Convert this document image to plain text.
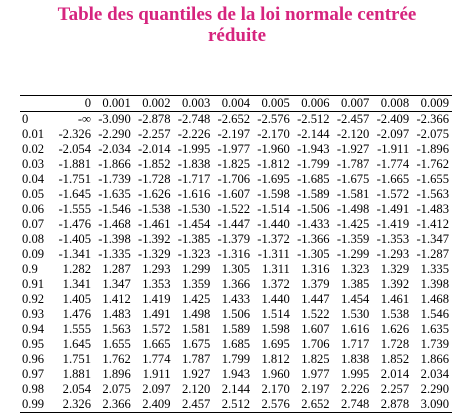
Table des quantiles de la loi normale centrée
réduite
	0	0.001	0.002	0.003	0.004	0.005	0.006	0.007	0.008	0.009
0	-∞	-3.090	-2.878	-2.748	-2.652	-2.576	-2.512	-2.457	-2.409	-2.366
0.01	-2.326	-2.290	-2.257	-2.226	-2.197	-2.170	-2.144	-2.120	-2.097	-2.075
0.02	-2.054	-2.034	-2.014	-1.995	-1.977	-1.960	-1.943	-1.927	-1.911	-1.896
0.03	-1.881	-1.866	-1.852	-1.838	-1.825	-1.812	-1.799	-1.787	-1.774	-1.762
0.04	-1.751	-1.739	-1.728	-1.717	-1.706	-1.695	-1.685	-1.675	-1.665	-1.655
0.05	-1.645	-1.635	-1.626	-1.616	-1.607	-1.598	-1.589	-1.581	-1.572	-1.563
0.06	-1.555	-1.546	-1.538	-1.530	-1.522	-1.514	-1.506	-1.498	-1.491	-1.483
0.07	-1.476	-1.468	-1.461	-1.454	-1.447	-1.440	-1.433	-1.425	-1.419	-1.412
0.08	-1.405	-1.398	-1.392	-1.385	-1.379	-1.372	-1.366	-1.359	-1.353	-1.347
0.09	-1.341	-1.335	-1.329	-1.323	-1.316	-1.311	-1.305	-1.299	-1.293	-1.287
0.9	1.282	1.287	1.293	1.299	1.305	1.311	1.316	1.323	1.329	1.335
0.91	1.341	1.347	1.353	1.359	1.366	1.372	1.379	1.385	1.392	1.398
0.92	1.405	1.412	1.419	1.425	1.433	1.440	1.447	1.454	1.461	1.468
0.93	1.476	1.483	1.491	1.498	1.506	1.514	1.522	1.530	1.538	1.546
0.94	1.555	1.563	1.572	1.581	1.589	1.598	1.607	1.616	1.626	1.635
0.95	1.645	1.655	1.665	1.675	1.685	1.695	1.706	1.717	1.728	1.739
0.96	1.751	1.762	1.774	1.787	1.799	1.812	1.825	1.838	1.852	1.866
0.97	1.881	1.896	1.911	1.927	1.943	1.960	1.977	1.995	2.014	2.034
0.98	2.054	2.075	2.097	2.120	2.144	2.170	2.197	2.226	2.257	2.290
0.99	2.326	2.366	2.409	2.457	2.512	2.576	2.652	2.748	2.878	3.090
